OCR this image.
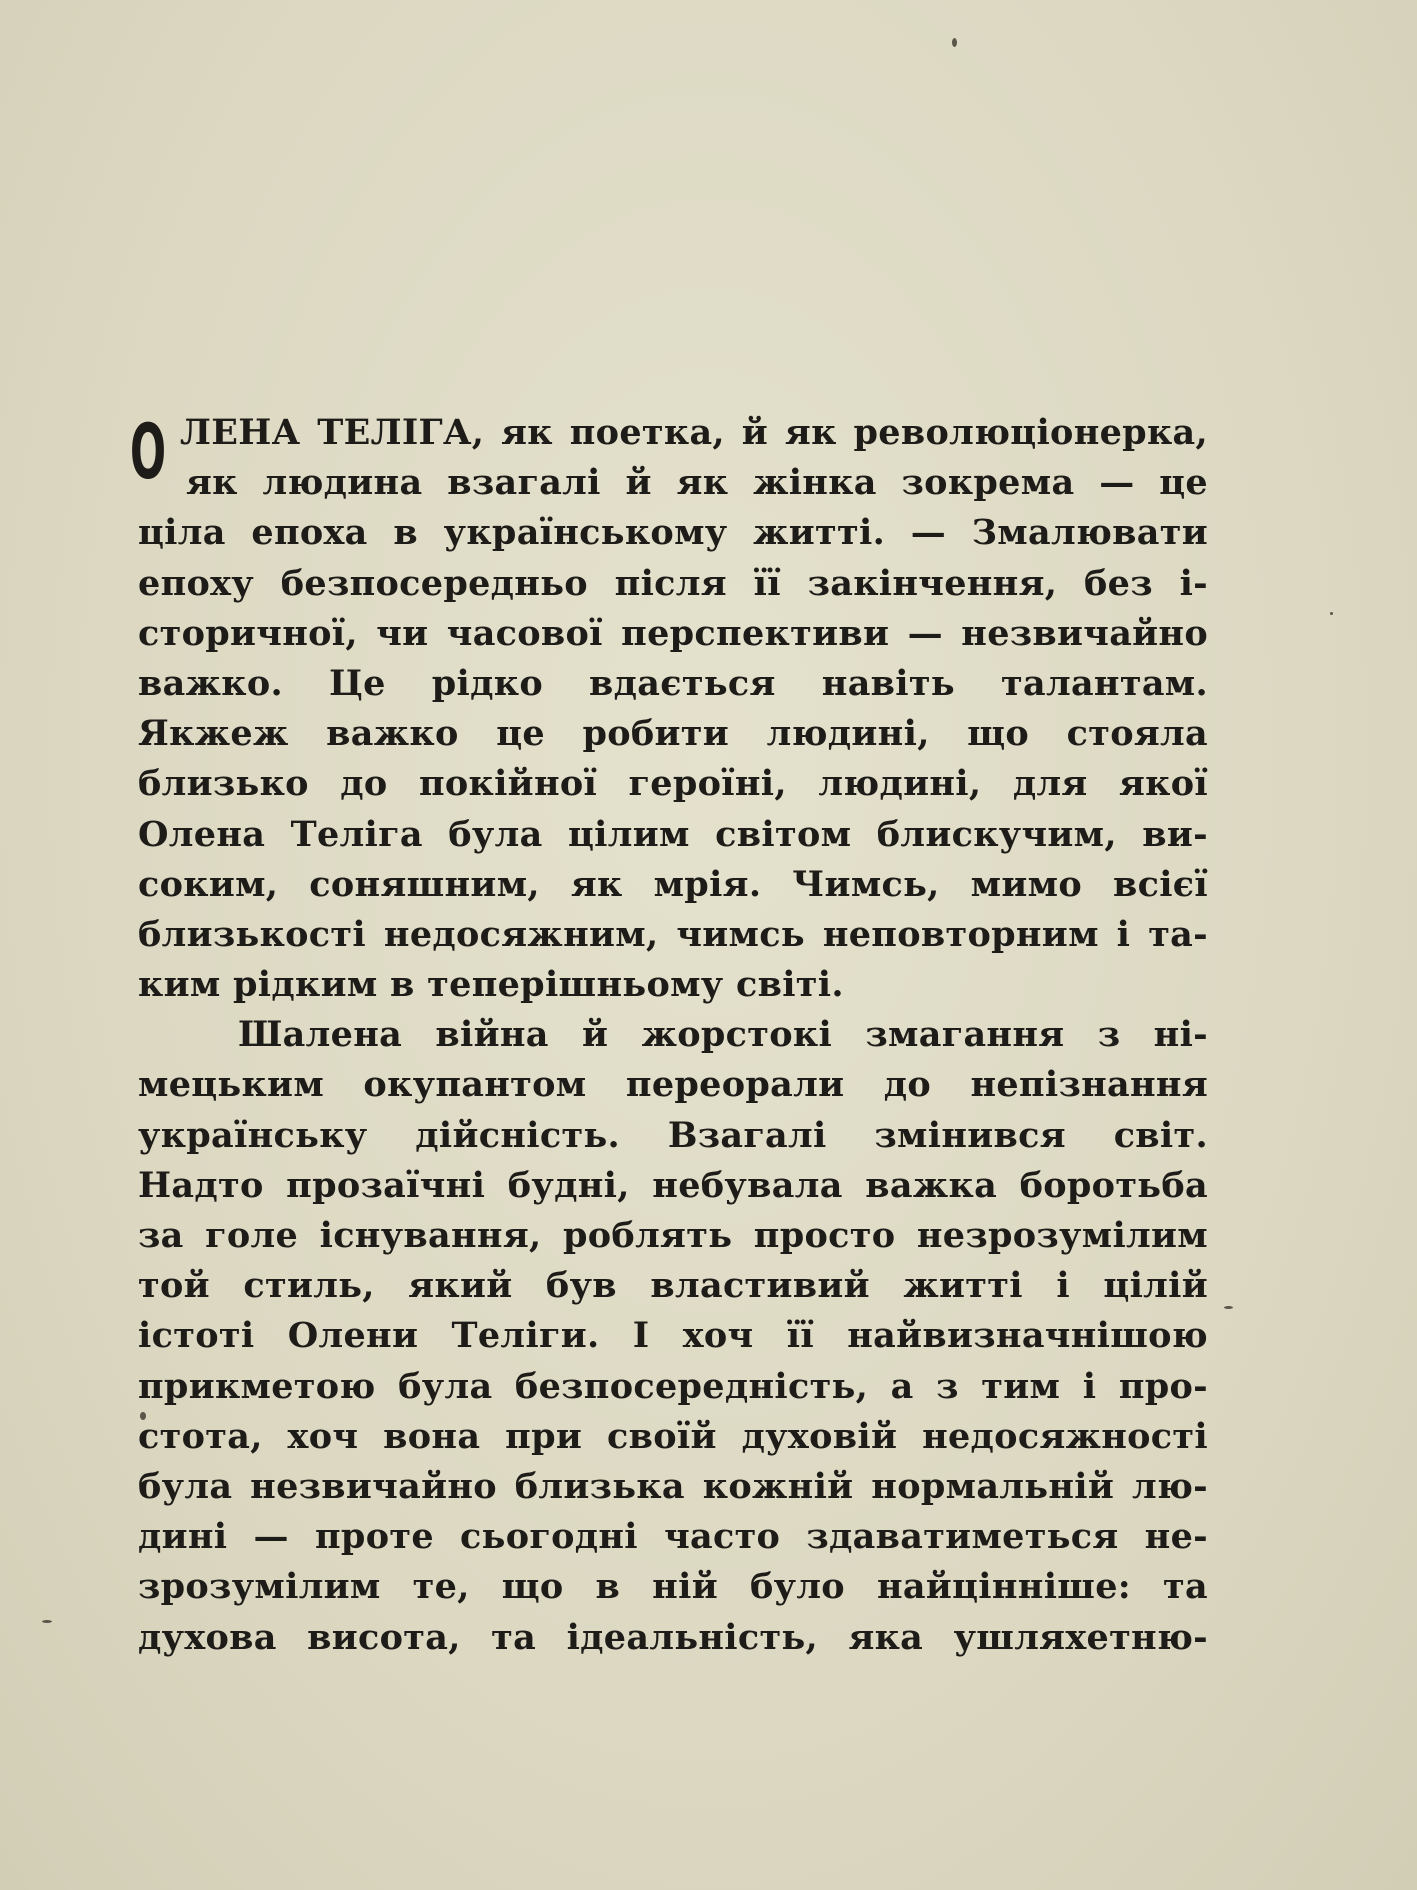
О ЛЕНА ТЕЛІГА, як поетка, й як революціонерка,
як людина взагалі й як жінка зокрема — це
ціла епоха в українському житті. — Змалювати
епоху безпосередньо після її закінчення, без і-
сторичної, чи часової перспективи — незвичайно
важко. Це рідко вдається навіть талантам.
Якжеж важко це робити людині, що стояла
близько до покійної героїні, людині, для якої
Олена Теліга була цілим світом блискучим, ви-
соким, соняшним, як мрія. Чимсь, мимо всієї
близькості недосяжним, чимсь неповторним і та-
ким рідким в теперішньому світі.
Шалена війна й жорстокі змагання з ні-
мецьким окупантом переорали до непізнання
українську дійсність. Взагалі змінився світ.
Надто прозаїчні будні, небувала важка боротьба
за голе існування, роблять просто незрозумілим
той стиль, який був властивий житті і цілій
істоті Олени Теліги. І хоч її найвизначнішою
прикметою була безпосередність, а з тим і про-
стота, хоч вона при своїй духовій недосяжності
була незвичайно близька кожній нормальній лю-
дині — проте сьогодні часто здаватиметься не-
зрозумілим те, що в ній було найцінніше: та
духова висота, та ідеальність, яка ушляхетню-
